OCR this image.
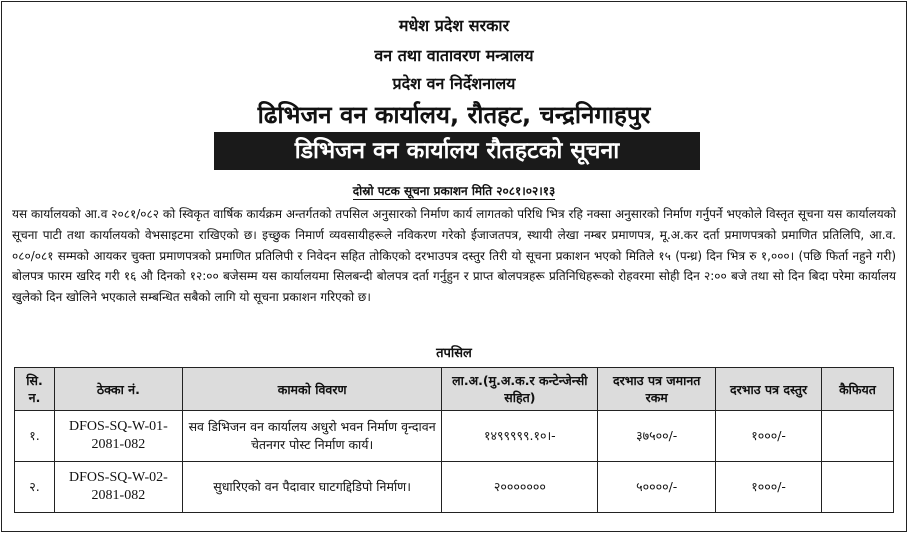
मधेश प्रदेश सरकार
वन तथा वातावरण मन्त्रालय
प्रदेश वन निर्देशनालय
ढिभिजन वन कार्यालय, रौतहट, चन्द्रनिगाहपुर
डिभिजन वन कार्यालय रौतहटको सूचना
दोस्रो पटक सूचना प्रकाशन मिति २०८१।०२।१३
यस कार्यालयको आ.व २०८१/०८२ को स्विकृत वार्षिक कार्यक्रम अन्तर्गतको तपसिल अनुसारको निर्माण कार्य लागतको परिधि भित्र रहि नक्सा अनुसारको निर्माण गर्नुपर्ने भएकोले विस्तृत सूचना यस कार्यालयको सूचना पाटी तथा कार्यालयको वेभसाइटमा राखिएको छ। इच्छुक निमार्ण व्यवसायीहरूले नविकरण गरेको ईजाजतपत्र, स्थायी लेखा नम्बर प्रमाणपत्र, मू.अ.कर दर्ता प्रमाणपत्रको प्रमाणित प्रतिलिपि, आ.व. ०८०/०८१ सम्मको आयकर चुक्ता प्रमाणपत्रको प्रमाणित प्रतिलिपी र निवेदन सहित तोकिएको दरभाउपत्र दस्तुर तिरी यो सूचना प्रकाशन भएको मितिले १५ (पन्ध्र) दिन भित्र रु १,०००। (पछि फिर्ता नहुने गरी) बोलपत्र फारम खरिद गरी १६ औ दिनको १२:०० बजेसम्म यस कार्यालयमा सिलबन्दी बोलपत्र दर्ता गर्नुहुन र प्राप्त बोलपत्रहरू प्रतिनिधिहरूको रोहवरमा सोही दिन २:०० बजे तथा सो दिन बिदा परेमा कार्यालय खुलेको दिन खोलिने भएकाले सम्बन्धित सबैको लागि यो सूचना प्रकाशन गरिएको छ।
तपसिल
सि. न.	ठेक्का नं.	कामको विवरण	ला.अ.(मु.अ.क.र कन्टेन्जेन्सी सहित)	दरभाउ पत्र जमानत रकम	दरभाउ पत्र दस्तुर	कैफियत
१.	DFOS-SQ-W-01-2081-082	सव डिभिजन वन कार्यालय अधुरो भवन निर्माण वृन्दावन चेतनगर पोस्ट निर्माण कार्य।	१४९९९९९.१०।-	३७५००/-	१०००/-	
२.	DFOS-SQ-W-02-2081-082	सुधारिएको वन पैदावार घाटगद्दिडिपो निर्माण।	२०००००००	५००००/-	१०००/-	
